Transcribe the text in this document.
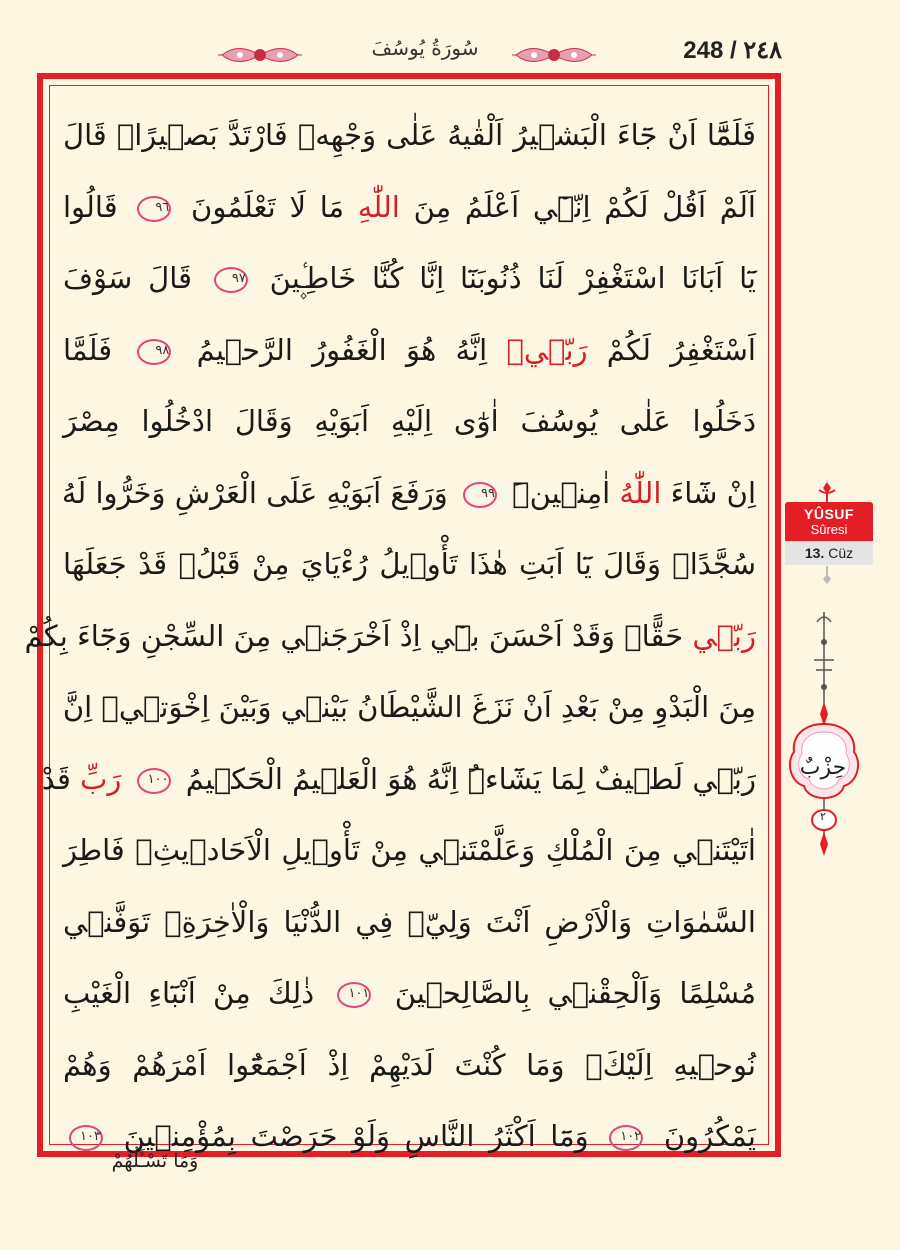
248 / ٢٤٨
سُورَةُ يُوسُفَ
فَلَمَّٓا اَنْ جَٓاءَ الْبَش۪يرُ اَلْقٰيهُ عَلٰى وَجْهِه۪ فَارْتَدَّ بَص۪يرًاۚ قَالَ
اَلَمْ اَقُلْ لَكُمْ اِنّ۪ٓي اَعْلَمُ مِنَ اللّٰهِ مَا لَا تَعْلَمُونَ ٩٦ قَالُوا
يَٓا اَبَانَا اسْتَغْفِرْ لَنَا ذُنُوبَنَٓا اِنَّا كُنَّا خَاطِـ۪ٔينَ ٩٧ قَالَ سَوْفَ
اَسْتَغْفِرُ لَكُمْ رَبّ۪يۜ اِنَّهُ هُوَ الْغَفُورُ الرَّح۪يمُ ٩٨ فَلَمَّا
دَخَلُوا عَلٰى يُوسُفَ اٰوٰٓى اِلَيْهِ اَبَوَيْهِ وَقَالَ ادْخُلُوا مِصْرَ
اِنْ شَٓاءَ اللّٰهُ اٰمِن۪ينَۜ ٩٩ وَرَفَعَ اَبَوَيْهِ عَلَى الْعَرْشِ وَخَرُّوا لَهُ
سُجَّدًاۚ وَقَالَ يَٓا اَبَتِ هٰذَا تَأْو۪يلُ رُءْيَايَ مِنْ قَبْلُۘ قَدْ جَعَلَهَا
رَبّ۪ي حَقًّاۜ وَقَدْ اَحْسَنَ ب۪ٓي اِذْ اَخْرَجَن۪ي مِنَ السِّجْنِ وَجَٓاءَ بِكُمْ
مِنَ الْبَدْوِ مِنْ بَعْدِ اَنْ نَزَغَ الشَّيْطَانُ بَيْن۪ي وَبَيْنَ اِخْوَت۪يۜ اِنَّ
رَبّ۪ي لَط۪يفٌ لِمَا يَشَٓاءُۜ اِنَّهُ هُوَ الْعَل۪يمُ الْحَك۪يمُ ١٠٠ رَبِّ قَدْ
اٰتَيْتَن۪ي مِنَ الْمُلْكِ وَعَلَّمْتَن۪ي مِنْ تَأْو۪يلِ الْاَحَاد۪يثِۚ فَاطِرَ
السَّمٰوَاتِ وَالْاَرْضِ اَنْتَ وَلِيّ۪ فِي الدُّنْيَا وَالْاٰخِرَةِۚ تَوَفَّن۪ي
مُسْلِمًا وَاَلْحِقْن۪ي بِالصَّالِح۪ينَ ١٠١ ذٰلِكَ مِنْ اَنْبَٓاءِ الْغَيْبِ
نُوح۪يهِ اِلَيْكَۚ وَمَا كُنْتَ لَدَيْهِمْ اِذْ اَجْمَعُٓوا اَمْرَهُمْ وَهُمْ
يَمْكُرُونَ ١٠٢ وَمَٓا اَكْثَرُ النَّاسِ وَلَوْ حَرَصْتَ بِمُؤْمِن۪ينَ ١٠٣
وَمَا تَسْـَٔلُهُمْ
YÛSUF
Sûresi
13. Cüz
حِزْبٌ
٢
